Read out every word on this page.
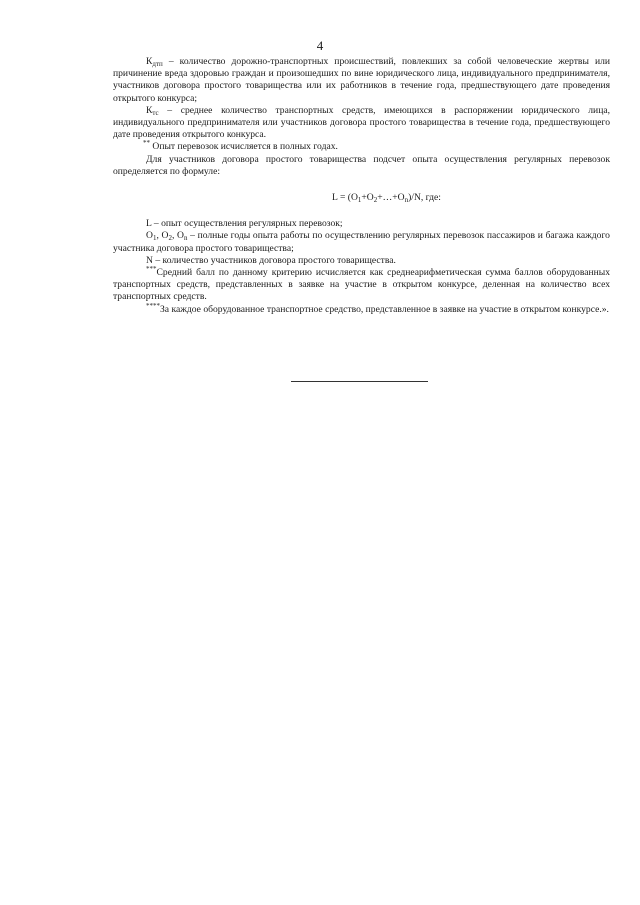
4

$К_{дтп}$ – количество дорожно-транспортных происшествий, повлекших за собой человеческие жертвы или причинение вреда здоровью граждан и произошедших по вине юридического лица, индивидуального предпринимателя, участников договора простого товарищества или их работников в течение года, предшествующего дате проведения открытого конкурса;

$К_{тс}$ – среднее количество транспортных средств, имеющихся в распоряжении юридического лица, индивидуального предпринимателя или участников договора простого товарищества в течение года, предшествующего дате проведения открытого конкурса.

** Опыт перевозок исчисляется в полных годах.

Для участников договора простого товарищества подсчет опыта осуществления регулярных перевозок определяется по формуле:

$L = (O_1+O_2+\dots+O_n)/N$, где:

L – опыт осуществления регулярных перевозок;

$О_1$, $О_2$, $О_n$ – полные годы опыта работы по осуществлению регулярных перевозок пассажиров и багажа каждого участника договора простого товарищества;

N – количество участников договора простого товарищества.

***Средний балл по данному критерию исчисляется как среднеарифметическая сумма баллов оборудованных транспортных средств, представленных в заявке на участие в открытом конкурсе, деленная на количество всех транспортных средств.

****За каждое оборудованное транспортное средство, представленное в заявке на участие в открытом конкурсе.».
